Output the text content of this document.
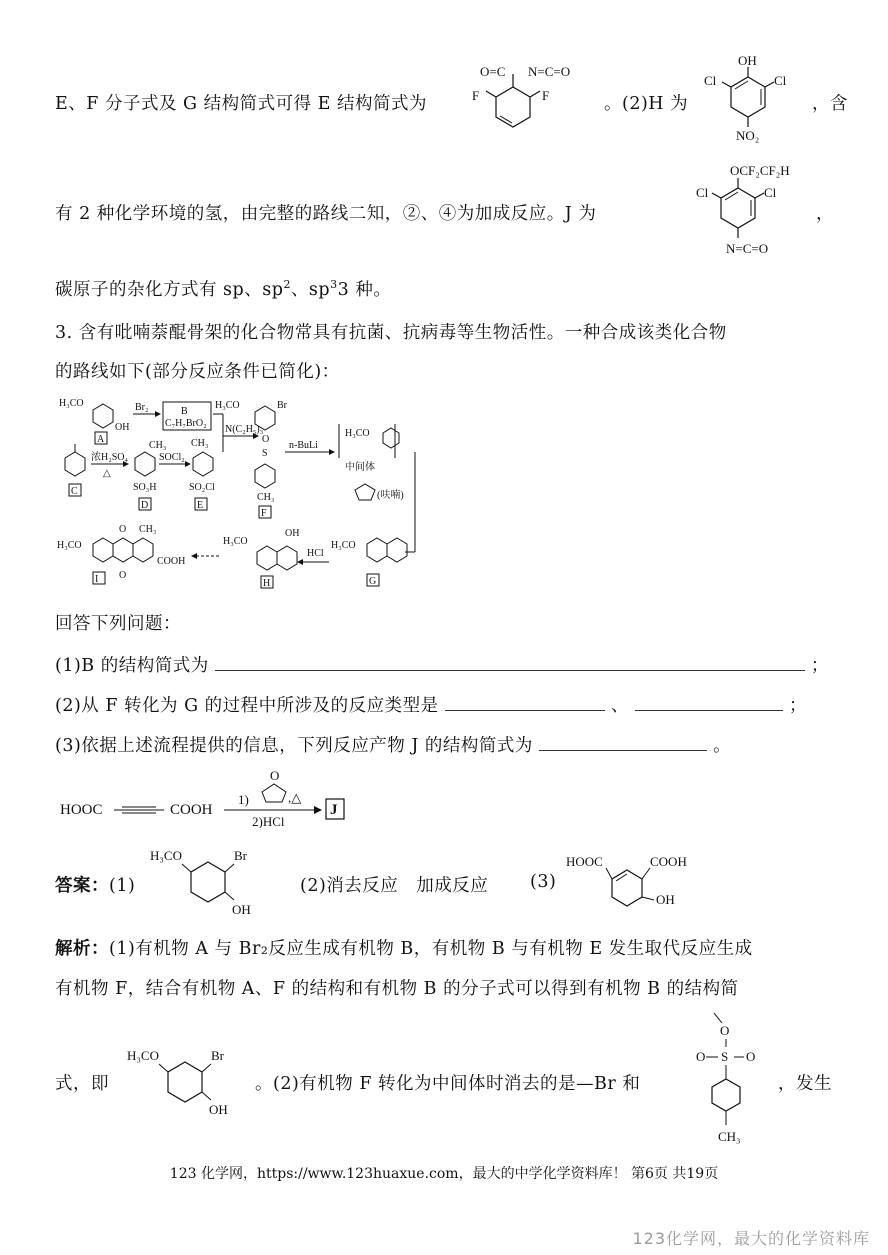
E、F 分子式及 G 结构简式可得 E 结构简式为
O=C N=C=O
F	F	。(2)H 为
OH
Cl	Cl
NO₂
，含
有 2 种化学环境的氢，由完整的路线二知，②、④为加成反应。J 为
OCF₂CF₂H
Cl	Cl
N=C=O
，
碳原子的杂化方式有 sp、$sp^2$、$sp^33$ 种。
3. 含有吡喃萘醌骨架的化合物常具有抗菌、抗病毒等生物活性。一种合成该类化合物
的路线如下(部分反应条件已简化)：
H₃CO
OH
A
Br₂	B
C₇H₇BrO₂
C
浓H₂SO₄
△
CH₃
SO₃H
D
SOCl₂
CH₃
SO₂Cl
E
N(C₂H₅)₃
H₃CO	Br
O
S
CH₃
F
n-BuLi
H₃CO
中间体
(呋喃)
H₃CO
G
HCl
H₃CO
OH
H
H₃CO
O
O
CH₃
COOH
I
回答下列问题：
(1)B 的结构简式为	；
(2)从 F 转化为 G 的过程中所涉及的反应类型是	、	；
(3)依据上述流程提供的信息，下列反应产物 J 的结构简式为	。
HOOC	COOH
1)
O
,△
2)HCl
J
答案：(1)
H₃CO	Br
OH
(2)消去反应　加成反应 (3)
HOOC	COOH
OH
解析：(1)有机物 A 与 Br₂反应生成有机物 B，有机物 B 与有机物 E 发生取代反应生成
有机物 F，结合有机物 A、F 的结构和有机物 B 的分子式可以得到有机物 B 的结构简
式，即
H₃CO	Br
OH
。(2)有机物 F 转化为中间体时消去的是—Br 和
O
S
O	O
CH₃
，发生
123 化学网，https://www.123huaxue.com，最大的中学化学资料库！ 第6页 共19页
123化学网，最大的化学资料库
